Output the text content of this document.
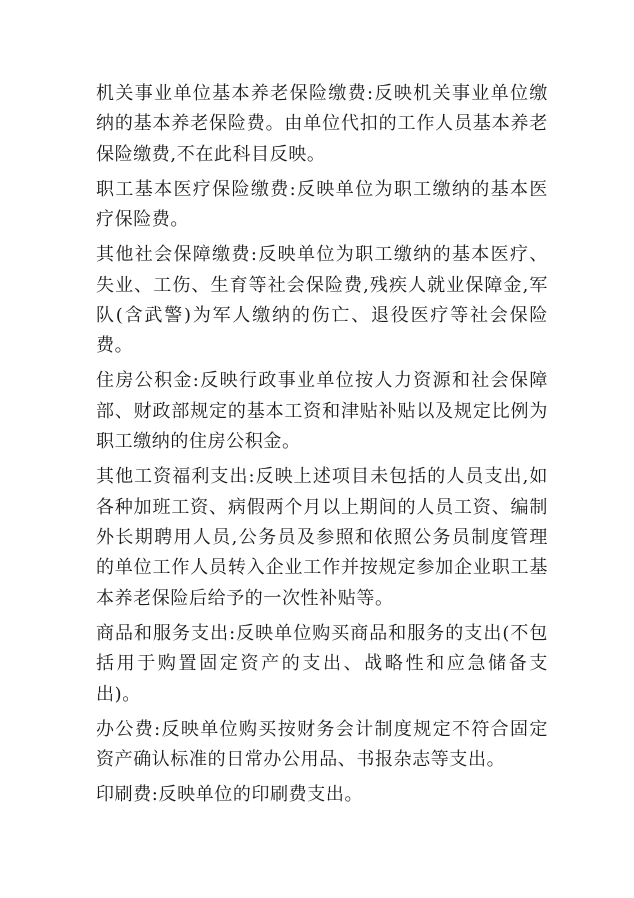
机关事业单位基本养老保险缴费:反映机关事业单位缴纳的基本养老保险费。由单位代扣的工作人员基本养老保险缴费,不在此科目反映。

职工基本医疗保险缴费:反映单位为职工缴纳的基本医疗保险费。

其他社会保障缴费:反映单位为职工缴纳的基本医疗、失业、工伤、生育等社会保险费,残疾人就业保障金,军队(含武警)为军人缴纳的伤亡、退役医疗等社会保险费。

住房公积金:反映行政事业单位按人力资源和社会保障部、财政部规定的基本工资和津贴补贴以及规定比例为职工缴纳的住房公积金。

其他工资福利支出:反映上述项目未包括的人员支出,如各种加班工资、病假两个月以上期间的人员工资、编制外长期聘用人员,公务员及参照和依照公务员制度管理的单位工作人员转入企业工作并按规定参加企业职工基本养老保险后给予的一次性补贴等。

商品和服务支出:反映单位购买商品和服务的支出(不包括用于购置固定资产的支出、战略性和应急储备支出)。

办公费:反映单位购买按财务会计制度规定不符合固定资产确认标准的日常办公用品、书报杂志等支出。

印刷费:反映单位的印刷费支出。
